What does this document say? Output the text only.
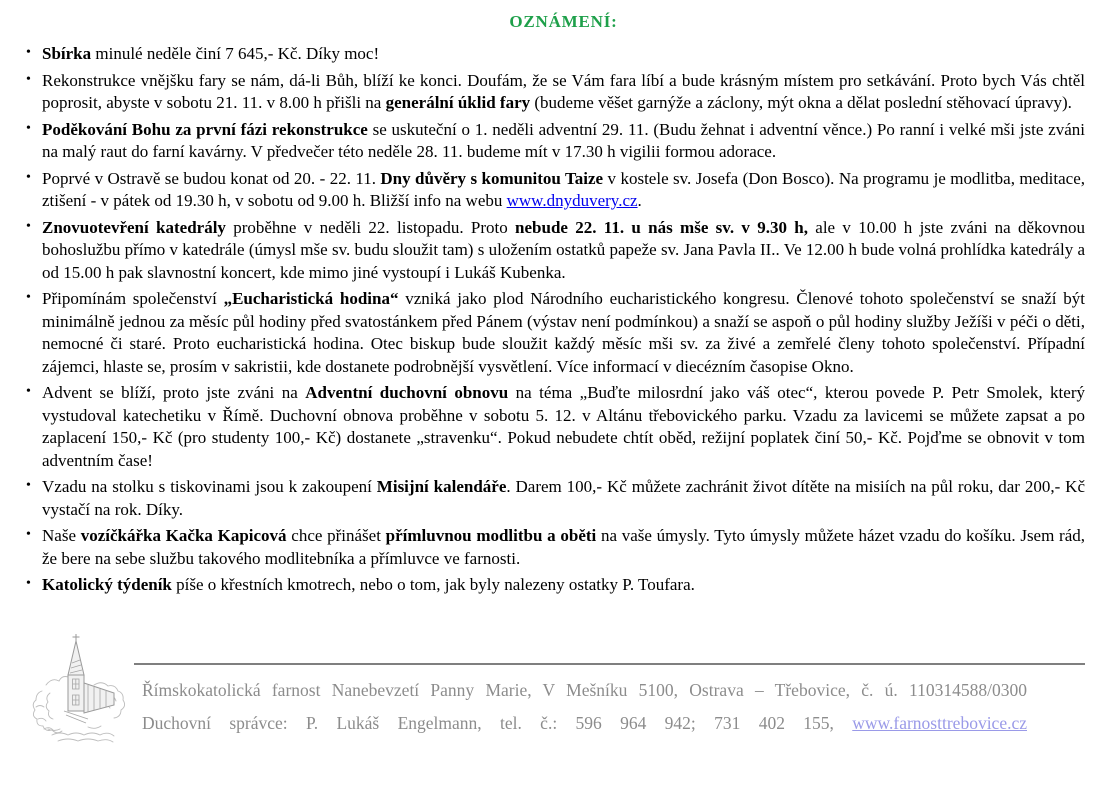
OZNÁMENÍ:
• Sbírka minulé neděle činí 7 645,- Kč. Díky moc!
• Rekonstrukce vnějšku fary se nám, dá-li Bůh, blíží ke konci. Doufám, že se Vám fara líbí a bude krásným místem pro setkávání. Proto bych Vás chtěl poprosit, abyste v sobotu 21. 11. v 8.00 h přišli na generální úklid fary (budeme věšet garnýže a záclony, mýt okna a dělat poslední stěhovací úpravy).
• Poděkování Bohu za první fázi rekonstrukce se uskuteční o 1. neděli adventní 29. 11. (Budu žehnat i adventní věnce.) Po ranní i velké mši jste zváni na malý raut do farní kavárny. V předvečer této neděle 28. 11. budeme mít v 17.30 h vigilii formou adorace.
• Poprvé v Ostravě se budou konat od 20. - 22. 11. Dny důvěry s komunitou Taize v kostele sv. Josefa (Don Bosco). Na programu je modlitba, meditace, ztišení - v pátek od 19.30 h, v sobotu od 9.00 h. Bližší info na webu www.dnyduvery.cz.
• Znovuotevření katedrály proběhne v neděli 22. listopadu. Proto nebude 22. 11. u nás mše sv. v 9.30 h, ale v 10.00 h jste zváni na děkovnou bohoslužbu přímo v katedrále (úmysl mše sv. budu sloužit tam) s uložením ostatků papeže sv. Jana Pavla II.. Ve 12.00 h bude volná prohlídka katedrály a od 15.00 h pak slavnostní koncert, kde mimo jiné vystoupí i Lukáš Kubenka.
• Připomínám společenství „Eucharistická hodina“ vzniká jako plod Národního eucharistického kongresu. Členové tohoto společenství se snaží být minimálně jednou za měsíc půl hodiny před svatostánkem před Pánem (výstav není podmínkou) a snaží se aspoň o půl hodiny služby Ježíši v péči o děti, nemocné či staré. Proto eucharistická hodina. Otec biskup bude sloužit každý měsíc mši sv. za živé a zemřelé členy tohoto společenství. Případní zájemci, hlaste se, prosím v sakristii, kde dostanete podrobnější vysvětlení. Více informací v diecézním časopise Okno.
• Advent se blíží, proto jste zváni na Adventní duchovní obnovu na téma „Buďte milosrdní jako váš otec“, kterou povede P. Petr Smolek, který vystudoval katechetiku v Římě. Duchovní obnova proběhne v sobotu 5. 12. v Altánu třebovického parku. Vzadu za lavicemi se můžete zapsat a po zaplacení 150,- Kč (pro studenty 100,- Kč) dostanete „stravenku“. Pokud nebudete chtít oběd, režijní poplatek činí 50,- Kč. Pojďme se obnovit v tom adventním čase!
• Vzadu na stolku s tiskovinami jsou k zakoupení Misijní kalendáře. Darem 100,- Kč můžete zachránit život dítěte na misiích na půl roku, dar 200,- Kč vystačí na rok. Díky.
• Naše vozíčkářka Kačka Kapicová chce přinášet přímluvnou modlitbu a oběti na vaše úmysly. Tyto úmysly můžete házet vzadu do košíku. Jsem rád, že bere na sebe službu takového modlitebníka a přímluvce ve farnosti.
• Katolický týdeník píše o křestních kmotrech, nebo o tom, jak byly nalezeny ostatky P. Toufara.

Římskokatolická farnost Nanebevzetí Panny Marie, V Mešníku 5100, Ostrava – Třebovice, č. ú. 110314588/0300

Duchovní správce: P. Lukáš Engelmann, tel. č.: 596 964 942; 731 402 155, www.farnosttrebovice.cz
